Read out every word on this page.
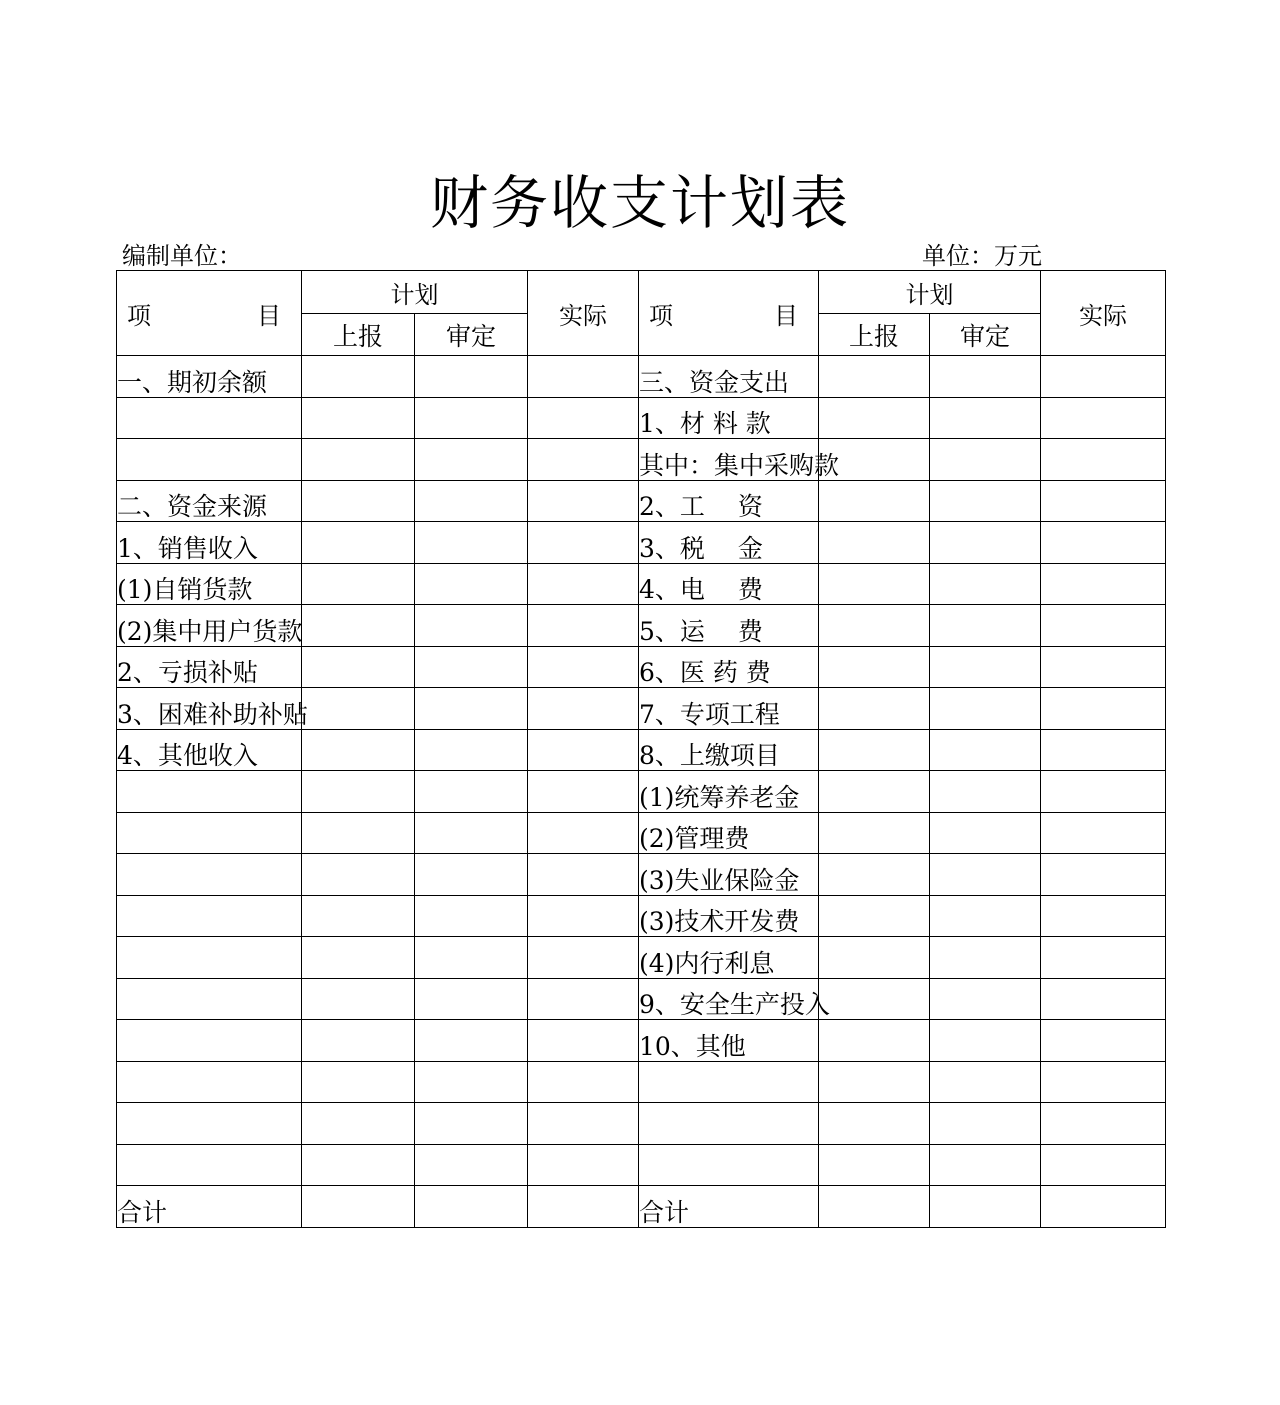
财务收支计划表
编制单位：	单位：万元
项 目	计划		实际	项 目	计划		实际
	上报	审定			上报	审定	
一、期初余额				三、资金支出			
				1、材 料 款			
				其中：集中采购款			
二、资金来源				2、工　 资			
1、销售收入				3、税　 金			
(1)自销货款				4、电　 费			
(2)集中用户货款				5、运　 费			
2、亏损补贴				6、医 药 费			
3、困难补助补贴				7、专项工程			
4、其他收入				8、上缴项目			
				(1)统筹养老金			
				(2)管理费			
				(3)失业保险金			
				(3)技术开发费			
				(4)内行利息			
				9、安全生产投入			
				10、其他			

合计				合计			
